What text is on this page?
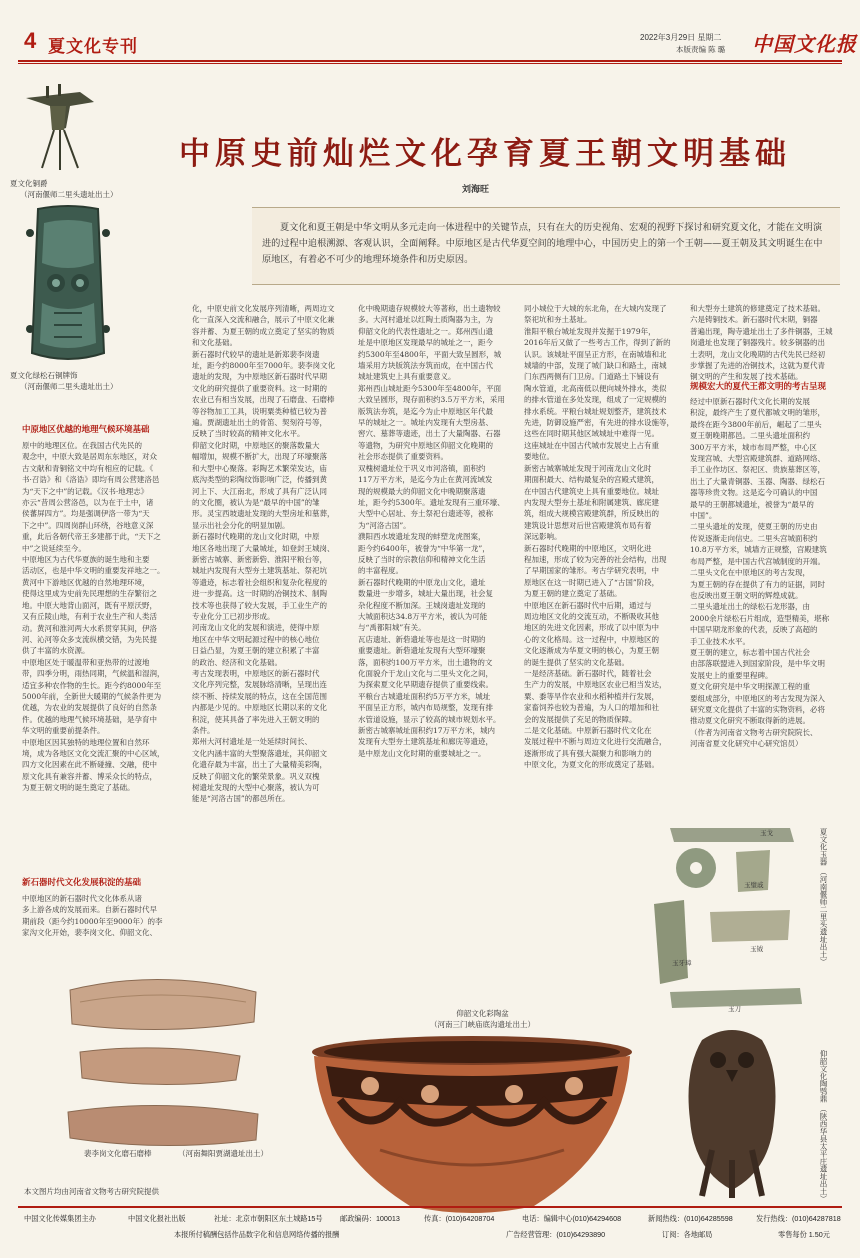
4 夏文化专刊	2022年3月29日 星期二
本版责编 陈 璐 中国文化报
中原史前灿烂文化孕育夏王朝文明基础
刘海旺
夏文化和夏王朝是中华文明从多元走向一体进程中的关键节点，只有在大的历史视角、宏观的视野下探讨和研究夏文化，才能在文明演进的过程中追根溯源、客观认识，全面阐释。中原地区是古代华夏空间的地理中心，中国历史上的第一个王朝——夏王朝及其文明诞生在中原地区，有着必不可少的地理环境条件和历史原因。
夏文化铜爵
（河南偃师二里头遗址出土）
夏文化绿松石铜牌饰
（河南偃师二里头遗址出土）
中原地区优越的地理气候环境基础
原中的地理区位。在我国古代先民的
观念中，中原大致是居周东东地区，对众
古文献和青铜铭文中均有相应的记载。《
书·召诰》和《洛诰》即均有周公营建洛邑
为“天下之中”的记载。《汉书·地理志》
亦云“昔周公营洛邑，以为在于土中，诸
侯蕃屏四方”。均是强调伊洛一带为“天
下之中”。四周岗群山环绕，谷地意义深
重，此后各朝代帝王多建都于此，“天下之
中”之说延续至今。
中原地区为古代华夏族的诞生地和主要
活动区，也是中华文明的重要发祥地之一。
黄河中下游地区优越的自然地理环境，
使得这里成为史前先民理想的生存繁衍之
地。中原大地背山面河，既有平原沃野，
又有丘陵山地，有利于农业生产和人类活
动。黄河和淮河两大水系贯穿其间，伊洛
河、沁河等众多支流纵横交错，为先民提
供了丰富的水资源。
中原地区处于暖温带和亚热带的过渡地
带，四季分明，雨热同期，气候温和湿润，
适宜多种农作物的生长。距今约8000年至
5000年前，全新世大暖期的气候条件更为
优越，为农业的发展提供了良好的自然条
件。优越的地理气候环境基础，是孕育中
华文明的重要前提条件。
中原地区因其独特的地理位置和自然环
境，成为各地区文化交流汇聚的中心区域，
四方文化因素在此不断碰撞、交融，使中
原文化具有兼容并蓄、博采众长的特点，
为夏王朝文明的诞生奠定了基础。
新石器时代文化发展积淀的基础
中原地区的新石器时代文化体系从诸
多上游各成的发展而来。自新石器时代早
期前段（距今约10000年至9000年）的李
家沟文化开始，裴李岗文化、仰韶文化、
化，中原史前文化发展序列清晰，两周边文
化一直深入交流和融合，展示了中原文化兼
容并蓄、为夏王朝的成立奠定了坚实的物质
和文化基础。
新石器时代较早的遗址是新郑裴李岗遗
址，距今约8000年至7000年。裴李岗文化
遗址的发现，为中原地区新石器时代早期
文化的研究提供了重要资料。这一时期的
农业已有相当发展，出现了石磨盘、石磨棒
等谷物加工工具，说明粟类种植已较为普
遍。贾湖遗址出土的骨笛、契刻符号等，
反映了当时较高的精神文化水平。
仰韶文化时期，中原地区的聚落数量大
幅增加，规模不断扩大，出现了环壕聚落
和大型中心聚落。彩陶艺术繁荣发达，庙
底沟类型的彩陶纹饰影响广泛，传播到黄
河上下、大江南北，形成了具有广泛认同
的文化圈，被认为是“最早的中国”的雏
形。灵宝西坡遗址发现的大型房址和墓葬，
显示出社会分化的明显加剧。
新石器时代晚期的龙山文化时期，中原
地区各地出现了大量城址，如登封王城岗、
新密古城寨、新密新砦、淮阳平粮台等，
城址内发现有大型夯土建筑基址、祭祀坑
等遗迹，标志着社会组织和复杂化程度的
进一步提高。这一时期的冶铜技术、制陶
技术等也获得了较大发展，手工业生产的
专业化分工已初步形成。
河南龙山文化的发展和演进，使得中原
地区在中华文明起源过程中的核心地位
日益凸显，为夏王朝的建立积累了丰富
的政治、经济和文化基础。
考古发现表明，中原地区的新石器时代
文化序列完整，发展脉络清晰，呈现出连
续不断、持续发展的特点，这在全国范围
内都是少见的。中原地区长期以来的文化
积淀，使其具备了率先进入王朝文明的
条件。
郑州大河村遗址是一处延续时间长、
文化内涵丰富的大型聚落遗址，其仰韶文
化遗存最为丰富，出土了大量精美彩陶，
反映了仰韶文化的繁荣景象。巩义双槐
树遗址发现的大型中心聚落，被认为可
能是“河洛古国”的都邑所在。
化中晚期遗存规模较大等著称，出土遗物较
多。大河村遗址以红陶土质陶器为主，为
仰韶文化的代表性遗址之一。郑州西山遗
址是中原地区发现最早的城址之一，距今
约5300年至4800年，平面大致呈圆形，城
墙采用方块版筑法夯筑而成，在中国古代
城址建筑史上具有重要意义。
郑州西山城址距今5300年至4800年，平面
大致呈圆形，现存面积约3.5万平方米，采用
版筑法夯筑，是迄今为止中原地区年代最
早的城址之一。城址内发现有大型房基、
窖穴、墓葬等遗迹，出土了大量陶器、石器
等遗物，为研究中原地区仰韶文化晚期的
社会形态提供了重要资料。
双槐树遗址位于巩义市河洛镇，面积约
117万平方米，是迄今为止在黄河流域发
现的规模最大的仰韶文化中晚期聚落遗
址，距今约5300年。遗址发现有三重环壕、
大型中心居址、夯土祭祀台遗迹等，被称
为“河洛古国”。
濮阳西水坡遗址发现的蚌塑龙虎图案，
距今约6400年，被誉为“中华第一龙”，
反映了当时的宗教信仰和精神文化生活
的丰富程度。
新石器时代晚期的中原龙山文化，遗址
数量进一步增多，城址大量出现，社会复
杂化程度不断加深。王城岗遗址发现的
大城面积达34.8万平方米，被认为可能
与“禹都阳城”有关。
瓦店遗址、新砦遗址等也是这一时期的
重要遗址。新砦遗址发现有大型环壕聚
落，面积约100万平方米，出土遗物的文
化面貌介于龙山文化与二里头文化之间，
为探索夏文化早期遗存提供了重要线索。
平粮台古城遗址面积约5万平方米，城址
平面呈正方形，城内布局规整，发现有排
水管道设施，显示了较高的城市规划水平。
新密古城寨城址面积约17万平方米，城内
发现有大型夯土建筑基址和廊庑等遗迹，
是中原龙山文化时期的重要城址之一。
同小城位于大城的东北角，在大城内发现了
祭祀坑和夯土基址。
淮阳平粮台城址发现并发掘于1979年，
2016年后又做了一些考古工作，得到了新的
认识。该城址平面呈正方形，在南城墙和北
城墙的中部，发现了城门缺口和路土，南城
门东西两侧有门卫房。门道路土下铺设有
陶水管道，北高南低以便向城外排水，类似
的排水管道在多处发现，组成了一定规模的
排水系统。平粮台城址规划整齐，建筑技术
先进，防御设施严密，有先进的排水设施等，
这些在同时期其他区域城址中难得一见。
这座城址在中国古代城市发展史上占有重
要地位。
新密古城寨城址发现于河南龙山文化时
期面积最大、结构最复杂的宫殿式建筑，
在中国古代建筑史上具有重要地位。城址
内发现大型夯土基址和附属建筑、廊庑建
筑，组成大规模宫殿建筑群，所反映出的
建筑设计思想对后世宫殿建筑布局有着
深远影响。
新石器时代晚期的中原地区，文明化进
程加速，形成了较为完善的社会结构，出现
了早期国家的雏形。考古学研究表明，中
原地区在这一时期已进入了“古国”阶段，
为夏王朝的建立奠定了基础。
中原地区在新石器时代中后期，通过与
周边地区文化的交流互动，不断吸收其他
地区的先进文化因素，形成了以中原为中
心的文化格局。这一过程中，中原地区的
文化逐渐成为华夏文明的核心，为夏王朝
的诞生提供了坚实的文化基础。
一是经济基础。新石器时代，随着社会
生产力的发展，中原地区农业已相当发达，
粟、黍等旱作农业和水稻种植并行发展，
家畜饲养也较为普遍，为人口的增加和社
会的发展提供了充足的物质保障。
二是文化基础。中原新石器时代文化在
发展过程中不断与周边文化进行交流融合，
逐渐形成了具有强大凝聚力和影响力的
中原文化，为夏文化的形成奠定了基础。
和大型夯土建筑的修建奠定了技术基础。
六是铸铜技术。新石器时代末期，铜器
普遍出现，陶寺遗址出土了多件铜器，王城
岗遗址也发现了铜器残片。较多铜器的出
土表明，龙山文化晚期的古代先民已经初
步掌握了先进的冶铜技术，这就为夏代青
铜文明的产生和发展了技术基础。
规模宏大的夏代王都文明的考古呈现
经过中原新石器时代文化长期的发展
积淀，最终产生了夏代都城文明的雏形，
最终在距今3800年前后，崛起了二里头
夏王朝晚期都邑。二里头遗址面积约
300万平方米，城市布局严整，中心区
发现宫城、大型宫殿建筑群、道路网络、
手工业作坊区、祭祀区、贵族墓葬区等，
出土了大量青铜器、玉器、陶器、绿松石
器等珍贵文物。这是迄今可确认的中国
最早的王朝都城遗址，被誉为“最早的
中国”。
二里头遗址的发现，使夏王朝的历史由
传说逐渐走向信史。二里头宫城面积约
10.8万平方米，城墙方正规整，宫殿建筑
布局严整，是中国古代宫城制度的开端。
二里头文化在中原地区的考古发现，
为夏王朝的存在提供了有力的证据，同时
也反映出夏王朝文明的辉煌成就。
二里头遗址出土的绿松石龙形器，由
2000余片绿松石片组成，造型精美，堪称
中国早期龙形象的代表，反映了高超的
手工业技术水平。
夏王朝的建立，标志着中国古代社会
由部落联盟进入到国家阶段，是中华文明
发展史上的重要里程碑。
夏文化研究是中华文明探源工程的重
要组成部分，中原地区的考古发现为深入
研究夏文化提供了丰富的实物资料，必将
推动夏文化研究不断取得新的进展。
（作者为河南省文物考古研究院院长、
河南省夏文化研究中心研究馆员）
裴李岗文化磨石磨棒	（河南舞阳贾湖遗址出土）
本文图片均由河南省文物考古研究院提供
仰韶文化彩陶盆
（河南三门峡庙底沟遗址出土）
玉戈
玉璧戚
玉牙璋
玉钺
玉刀
夏文化玉器 （河南偃师二里头遗址出土）
仰韶文化陶鸮鼎 （陕西华县太平庄遗址出土）
中国文化传媒集团主办	中国文化报社出版	社址：北京市朝阳区东土城路15号 邮政编码：100013	传真：(010)64208704	电话：编辑中心(010)64294608	新闻热线：(010)64285598	发行热线：(010)64287818
本报所付稿酬包括作品数字化和信息网络传播的报酬	广告经营管理：(010)64293890	订阅：各地邮局	零售每份 1.50元
